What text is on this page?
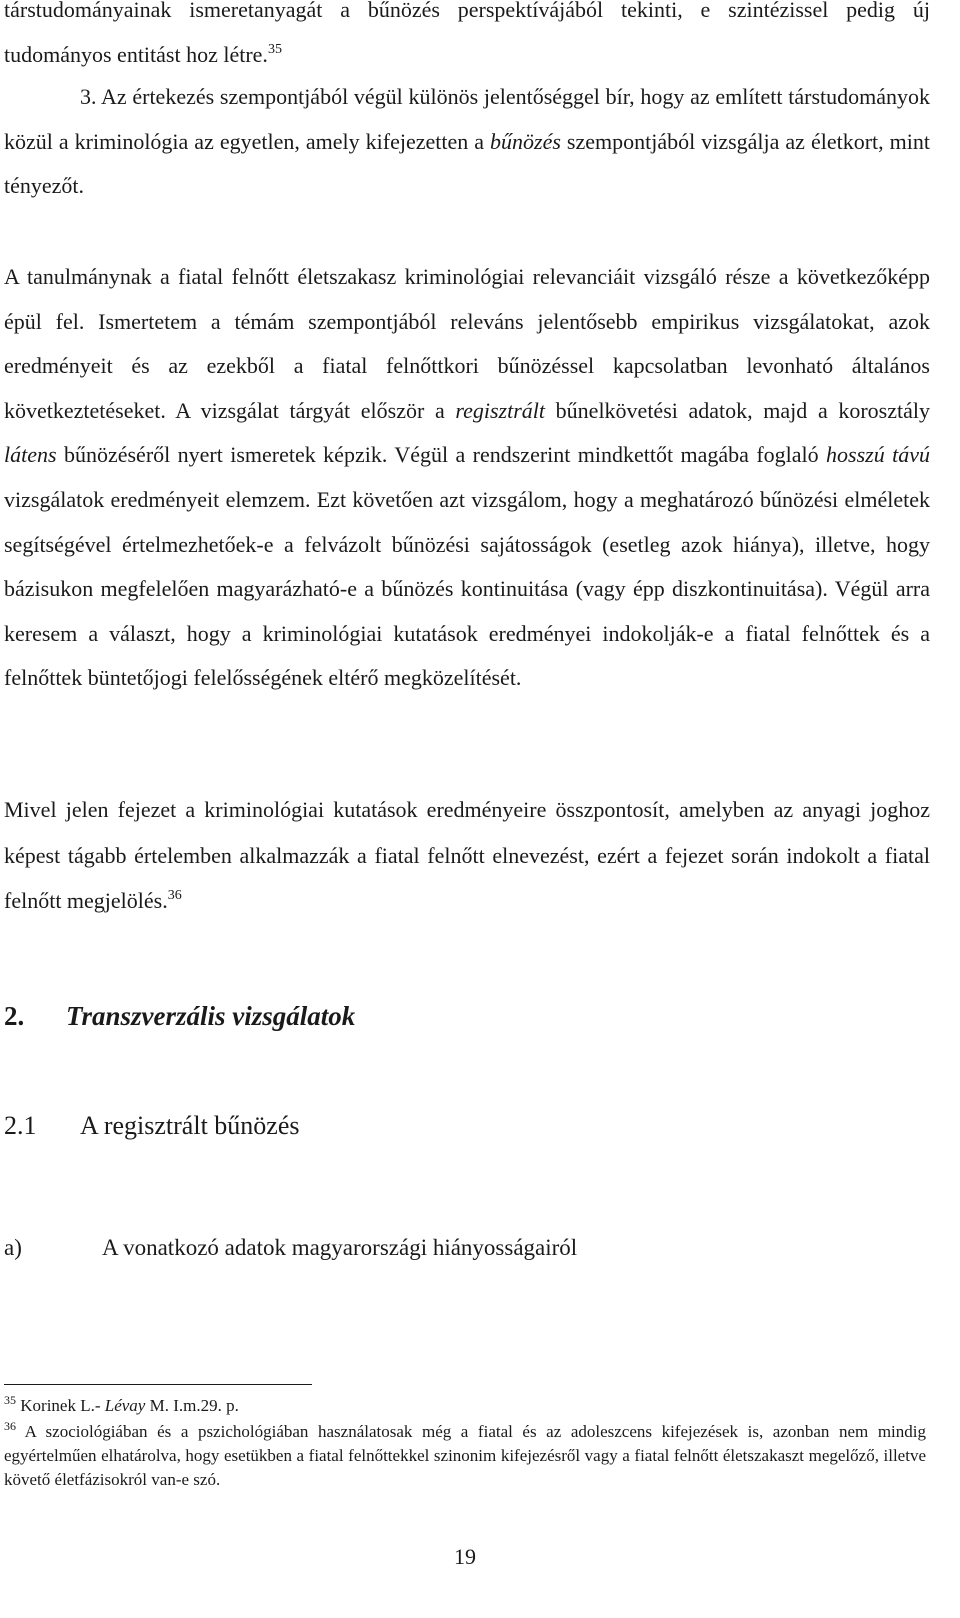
társtudományainak ismeretanyagát a bűnözés perspektívájából tekinti, e szintézissel pedig új tudományos entitást hoz létre.$^{35}$

3. Az értekezés szempontjából végül különös jelentőséggel bír, hogy az említett társtudományok közül a kriminológia az egyetlen, amely kifejezetten a bűnözés szempontjából vizsgálja az életkort, mint tényezőt.

A tanulmánynak a fiatal felnőtt életszakasz kriminológiai relevanciáit vizsgáló része a következőképp épül fel. Ismertetem a témám szempontjából releváns jelentősebb empirikus vizsgálatokat, azok eredményeit és az ezekből a fiatal felnőttkori bűnözéssel kapcsolatban levonható általános következtetéseket. A vizsgálat tárgyát először a regisztrált bűnelkövetési adatok, majd a korosztály látens bűnözéséről nyert ismeretek képzik. Végül a rendszerint mindkettőt magába foglaló hosszú távú vizsgálatok eredményeit elemzem. Ezt követően azt vizsgálom, hogy a meghatározó bűnözési elméletek segítségével értelmezhetőek-e a felvázolt bűnözési sajátosságok (esetleg azok hiánya), illetve, hogy bázisukon megfelelően magyarázható-e a bűnözés kontinuitása (vagy épp diszkontinuitása). Végül arra keresem a választ, hogy a kriminológiai kutatások eredményei indokolják-e a fiatal felnőttek és a felnőttek büntetőjogi felelősségének eltérő megközelítését.

Mivel jelen fejezet a kriminológiai kutatások eredményeire összpontosít, amelyben az anyagi joghoz képest tágabb értelemben alkalmazzák a fiatal felnőtt elnevezést, ezért a fejezet során indokolt a fiatal felnőtt megjelölés.$^{36}$

2. Transzverzális vizsgálatok
2.1 A regisztrált bűnözés
a)	A vonatkozó adatok magyarországi hiányosságairól

$^{35}$ Korinek L.- Lévay M. I.m.29. p.

$^{36}$ A szociológiában és a pszichológiában használatosak még a fiatal és az adoleszcens kifejezések is, azonban nem mindig egyértelműen elhatárolva, hogy esetükben a fiatal felnőttekkel szinonim kifejezésről vagy a fiatal felnőtt életszakaszt megelőző, illetve követő életfázisokról van-e szó.

19
